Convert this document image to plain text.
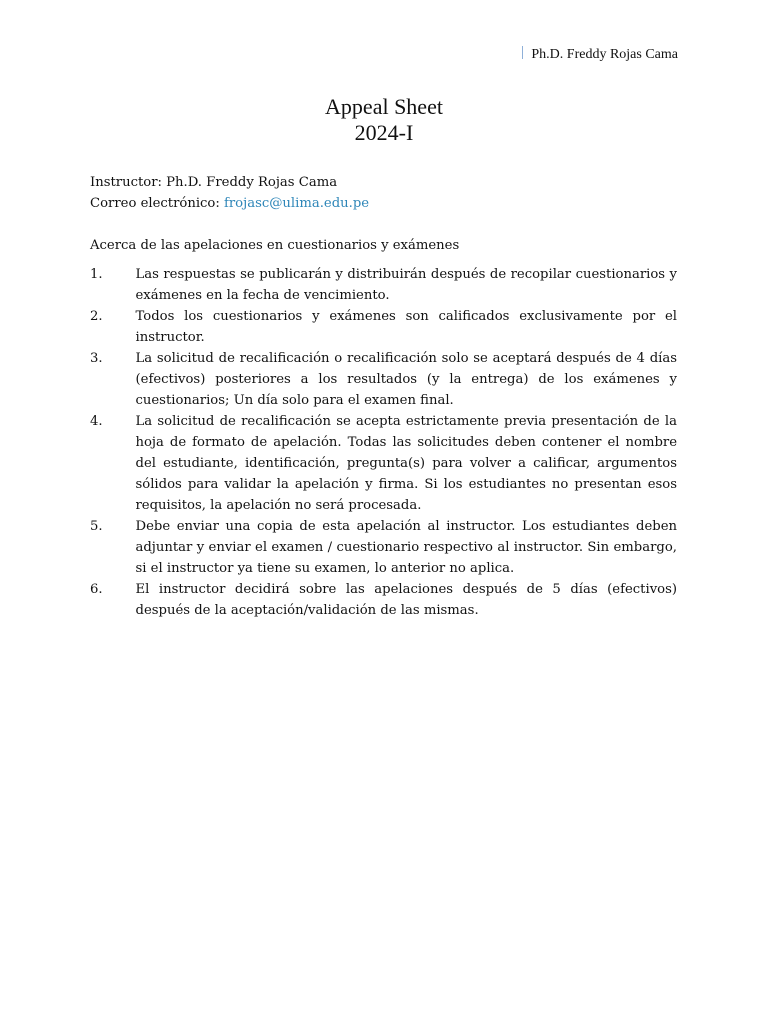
Ph.D. Freddy Rojas Cama
Appeal Sheet
2024-I
Instructor: Ph.D. Freddy Rojas Cama
Correo electrónico: frojasc@ulima.edu.pe
Acerca de las apelaciones en cuestionarios y exámenes
1. Las respuestas se publicarán y distribuirán después de recopilar cuestionarios y exámenes en la fecha de vencimiento.
2. Todos los cuestionarios y exámenes son calificados exclusivamente por el instructor.
3. La solicitud de recalificación o recalificación solo se aceptará después de 4 días (efectivos) posteriores a los resultados (y la entrega) de los exámenes y cuestionarios; Un día solo para el examen final.
4. La solicitud de recalificación se acepta estrictamente previa presentación de la hoja de formato de apelación. Todas las solicitudes deben contener el nombre del estudiante, identificación, pregunta(s) para volver a calificar, argumentos sólidos para validar la apelación y firma. Si los estudiantes no presentan esos requisitos, la apelación no será procesada.
5. Debe enviar una copia de esta apelación al instructor. Los estudiantes deben adjuntar y enviar el examen / cuestionario respectivo al instructor. Sin embargo, si el instructor ya tiene su examen, lo anterior no aplica.
6. El instructor decidirá sobre las apelaciones después de 5 días (efectivos) después de la aceptación/validación de las mismas.
